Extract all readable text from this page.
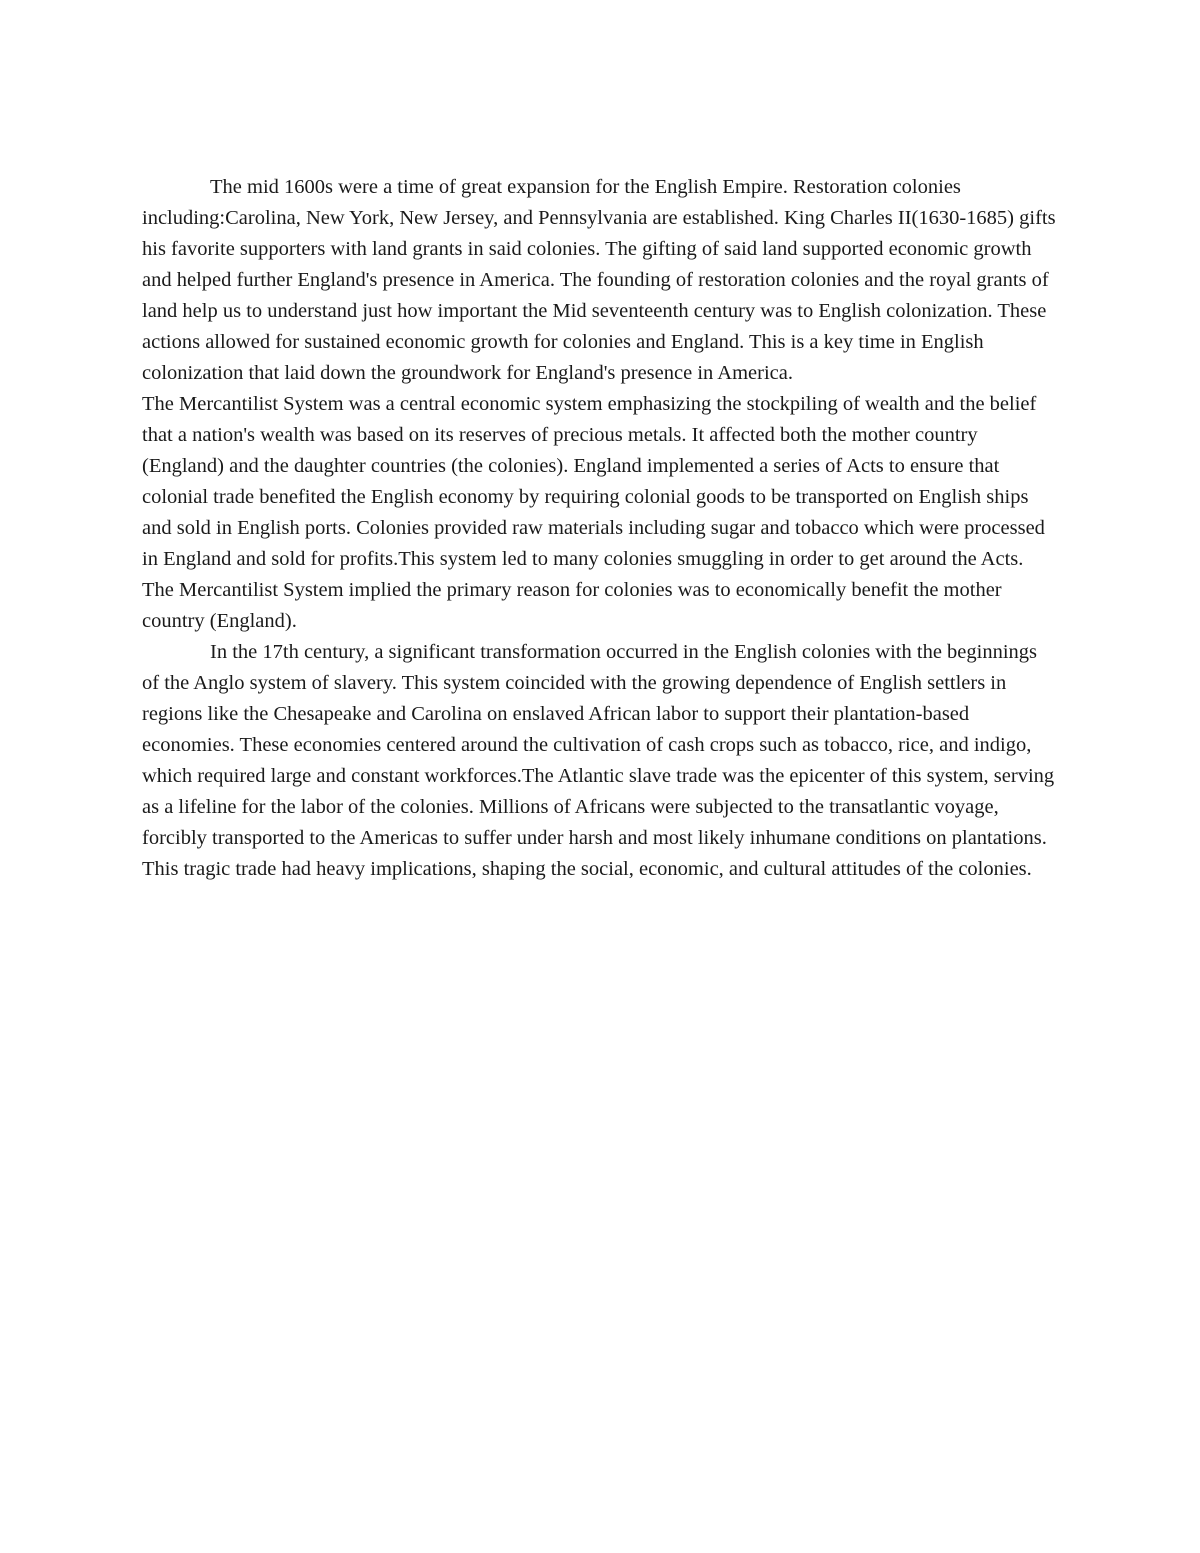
The mid 1600s were a time of great expansion for the English Empire. Restoration colonies including:Carolina, New York, New Jersey, and Pennsylvania are established. King Charles II(1630-1685) gifts his favorite supporters with land grants in said colonies. The gifting of said land supported economic growth and helped further England's presence in America. The founding of restoration colonies and the royal grants of land help us to understand just how important the Mid seventeenth century was to English colonization. These actions allowed for sustained economic growth for colonies and England. This is a key time in English colonization that laid down the groundwork for England's presence in America.

The Mercantilist System was a central economic system emphasizing the stockpiling of wealth and the belief that a nation's wealth was based on its reserves of precious metals. It affected both the mother country (England) and the daughter countries (the colonies). England implemented a series of Acts to ensure that colonial trade benefited the English economy by requiring colonial goods to be transported on English ships and sold in English ports. Colonies provided raw materials including sugar and tobacco which were processed in England and sold for profits.This system led to many colonies smuggling in order to get around the Acts. The Mercantilist System implied the primary reason for colonies was to economically benefit the mother country (England).

In the 17th century, a significant transformation occurred in the English colonies with the beginnings of the Anglo system of slavery. This system coincided with the growing dependence of English settlers in regions like the Chesapeake and Carolina on enslaved African labor to support their plantation-based economies. These economies centered around the cultivation of cash crops such as tobacco, rice, and indigo, which required large and constant workforces.The Atlantic slave trade was the epicenter of this system, serving as a lifeline for the labor of the colonies. Millions of Africans were subjected to the transatlantic voyage, forcibly transported to the Americas to suffer under harsh and most likely inhumane conditions on plantations. This tragic trade had heavy implications, shaping the social, economic, and cultural attitudes of the colonies.
